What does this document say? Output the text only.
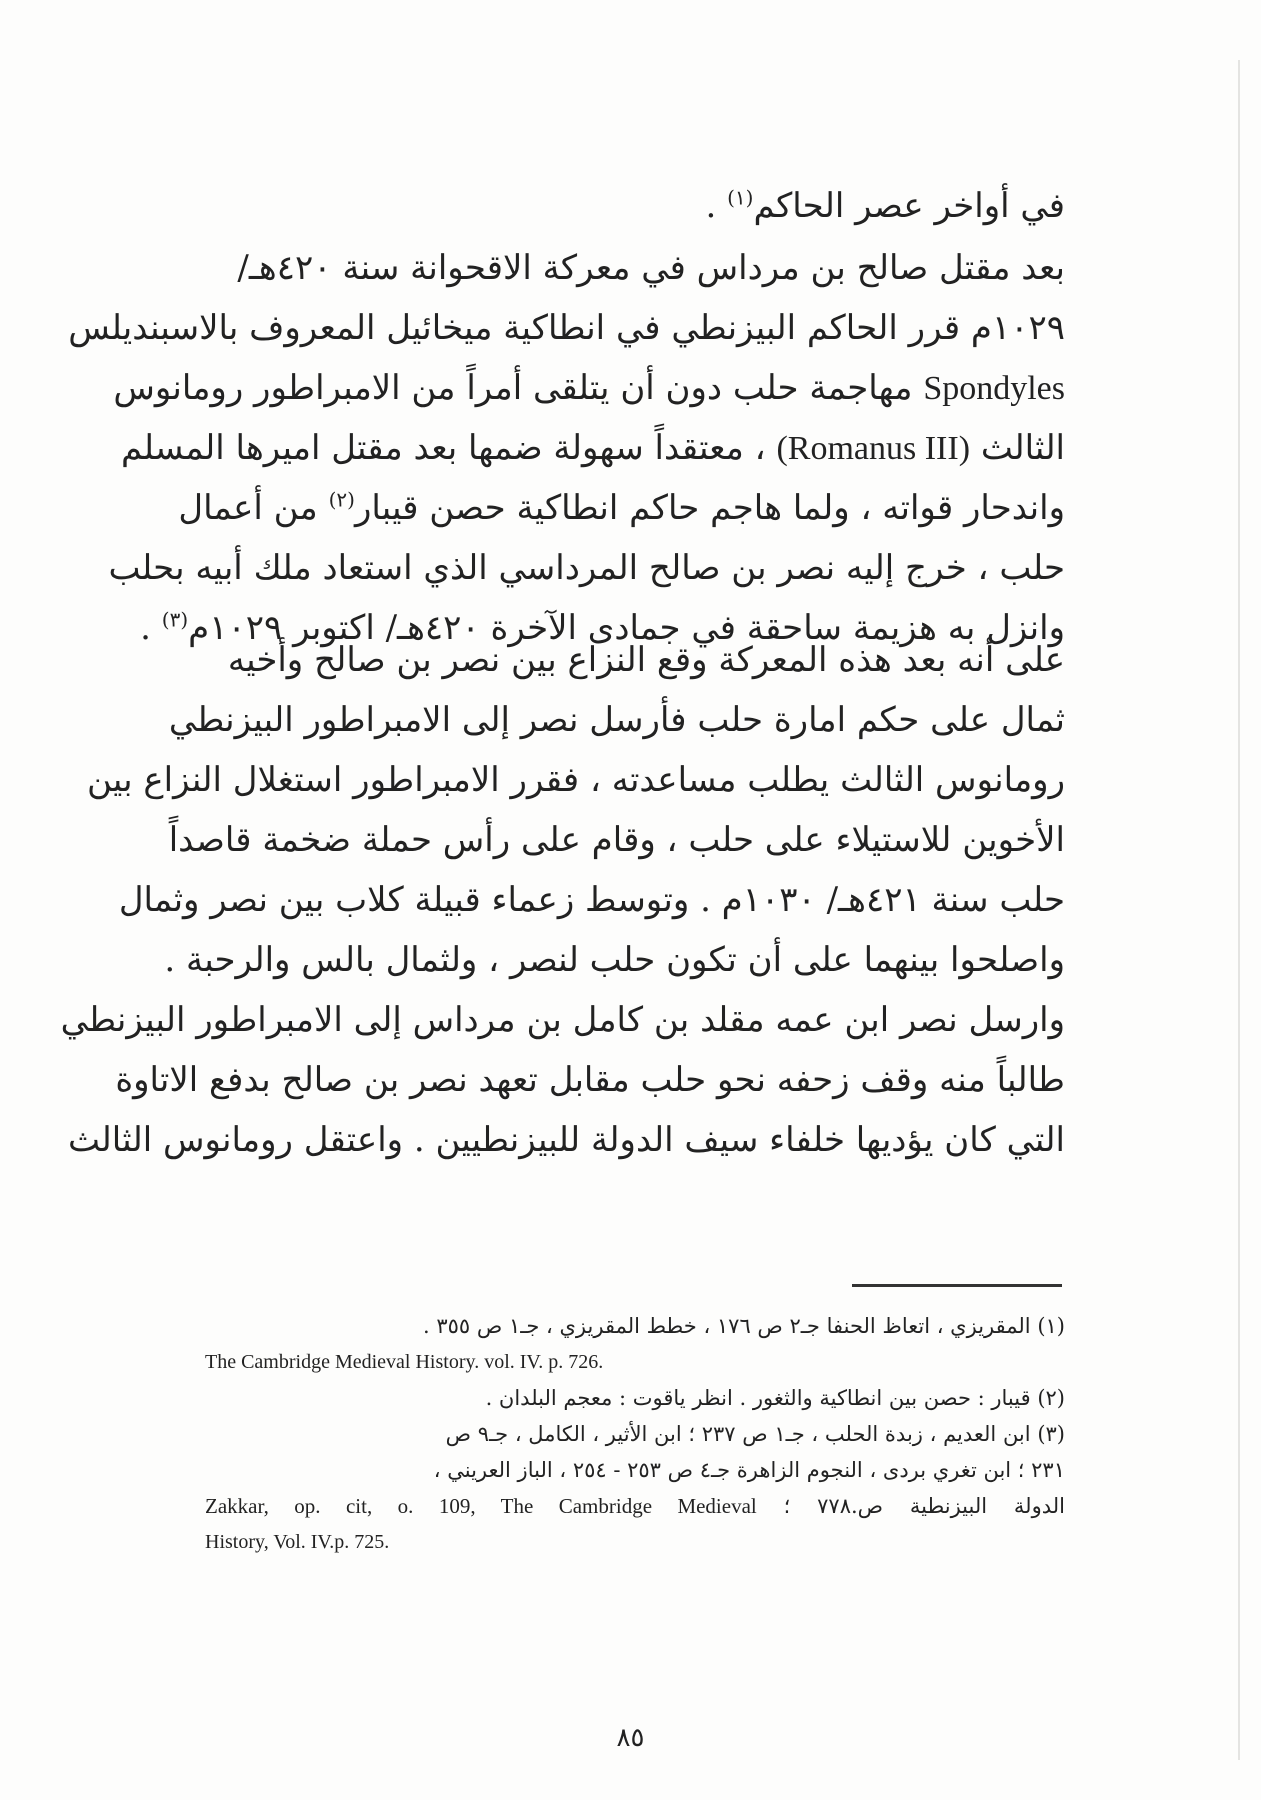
في أواخر عصر الحاكم$^{(١)}$ .
بعد مقتل صالح بن مرداس في معركة الاقحوانة سنة ٤٢٠هـ/
١٠٢٩م قرر الحاكم البيزنطي في انطاكية ميخائيل المعروف بالاسبنديلس
Spondyles مهاجمة حلب دون أن يتلقى أمراً من الامبراطور رومانوس
الثالث (Romanus III) ، معتقداً سهولة ضمها بعد مقتل اميرها المسلم
واندحار قواته ، ولما هاجم حاكم انطاكية حصن قيبار$^{(٢)}$ من أعمال
حلب ، خرج إليه نصر بن صالح المرداسي الذي استعاد ملك أبيه بحلب
وانزل به هزيمة ساحقة في جمادى الآخرة ٤٢٠هـ/ اكتوبر ١٠٢٩م$^{(٣)}$ .
على أنه بعد هذه المعركة وقع النزاع بين نصر بن صالح وأخيه
ثمال على حكم امارة حلب فأرسل نصر إلى الامبراطور البيزنطي
رومانوس الثالث يطلب مساعدته ، فقرر الامبراطور استغلال النزاع بين
الأخوين للاستيلاء على حلب ، وقام على رأس حملة ضخمة قاصداً
حلب سنة ٤٢١هـ/ ١٠٣٠م . وتوسط زعماء قبيلة كلاب بين نصر وثمال
واصلحوا بينهما على أن تكون حلب لنصر ، ولثمال بالس والرحبة .
وارسل نصر ابن عمه مقلد بن كامل بن مرداس إلى الامبراطور البيزنطي
طالباً منه وقف زحفه نحو حلب مقابل تعهد نصر بن صالح بدفع الاتاوة
التي كان يؤديها خلفاء سيف الدولة للبيزنطيين . واعتقل رومانوس الثالث
(١) المقريزي ، اتعاظ الحنفا جـ٢ ص ١٧٦ ، خطط المقريزي ، جـ١ ص ٣٥٥ .
The Cambridge Medieval History. vol. IV. p. 726.
(٢) قيبار : حصن بين انطاكية والثغور . انظر ياقوت : معجم البلدان .
(٣) ابن العديم ، زبدة الحلب ، جـ١ ص ٢٣٧ ؛ ابن الأثير ، الكامل ، جـ٩ ص
٢٣١ ؛ ابن تغري بردى ، النجوم الزاهرة جـ٤ ص ٢٥٣ - ٢٥٤ ، الباز العريني ،
الدولة البيزنطية ص.٧٧٨ ؛ Zakkar, op. cit, o. 109, The Cambridge Medieval
History, Vol. IV.p. 725.
٨٥
